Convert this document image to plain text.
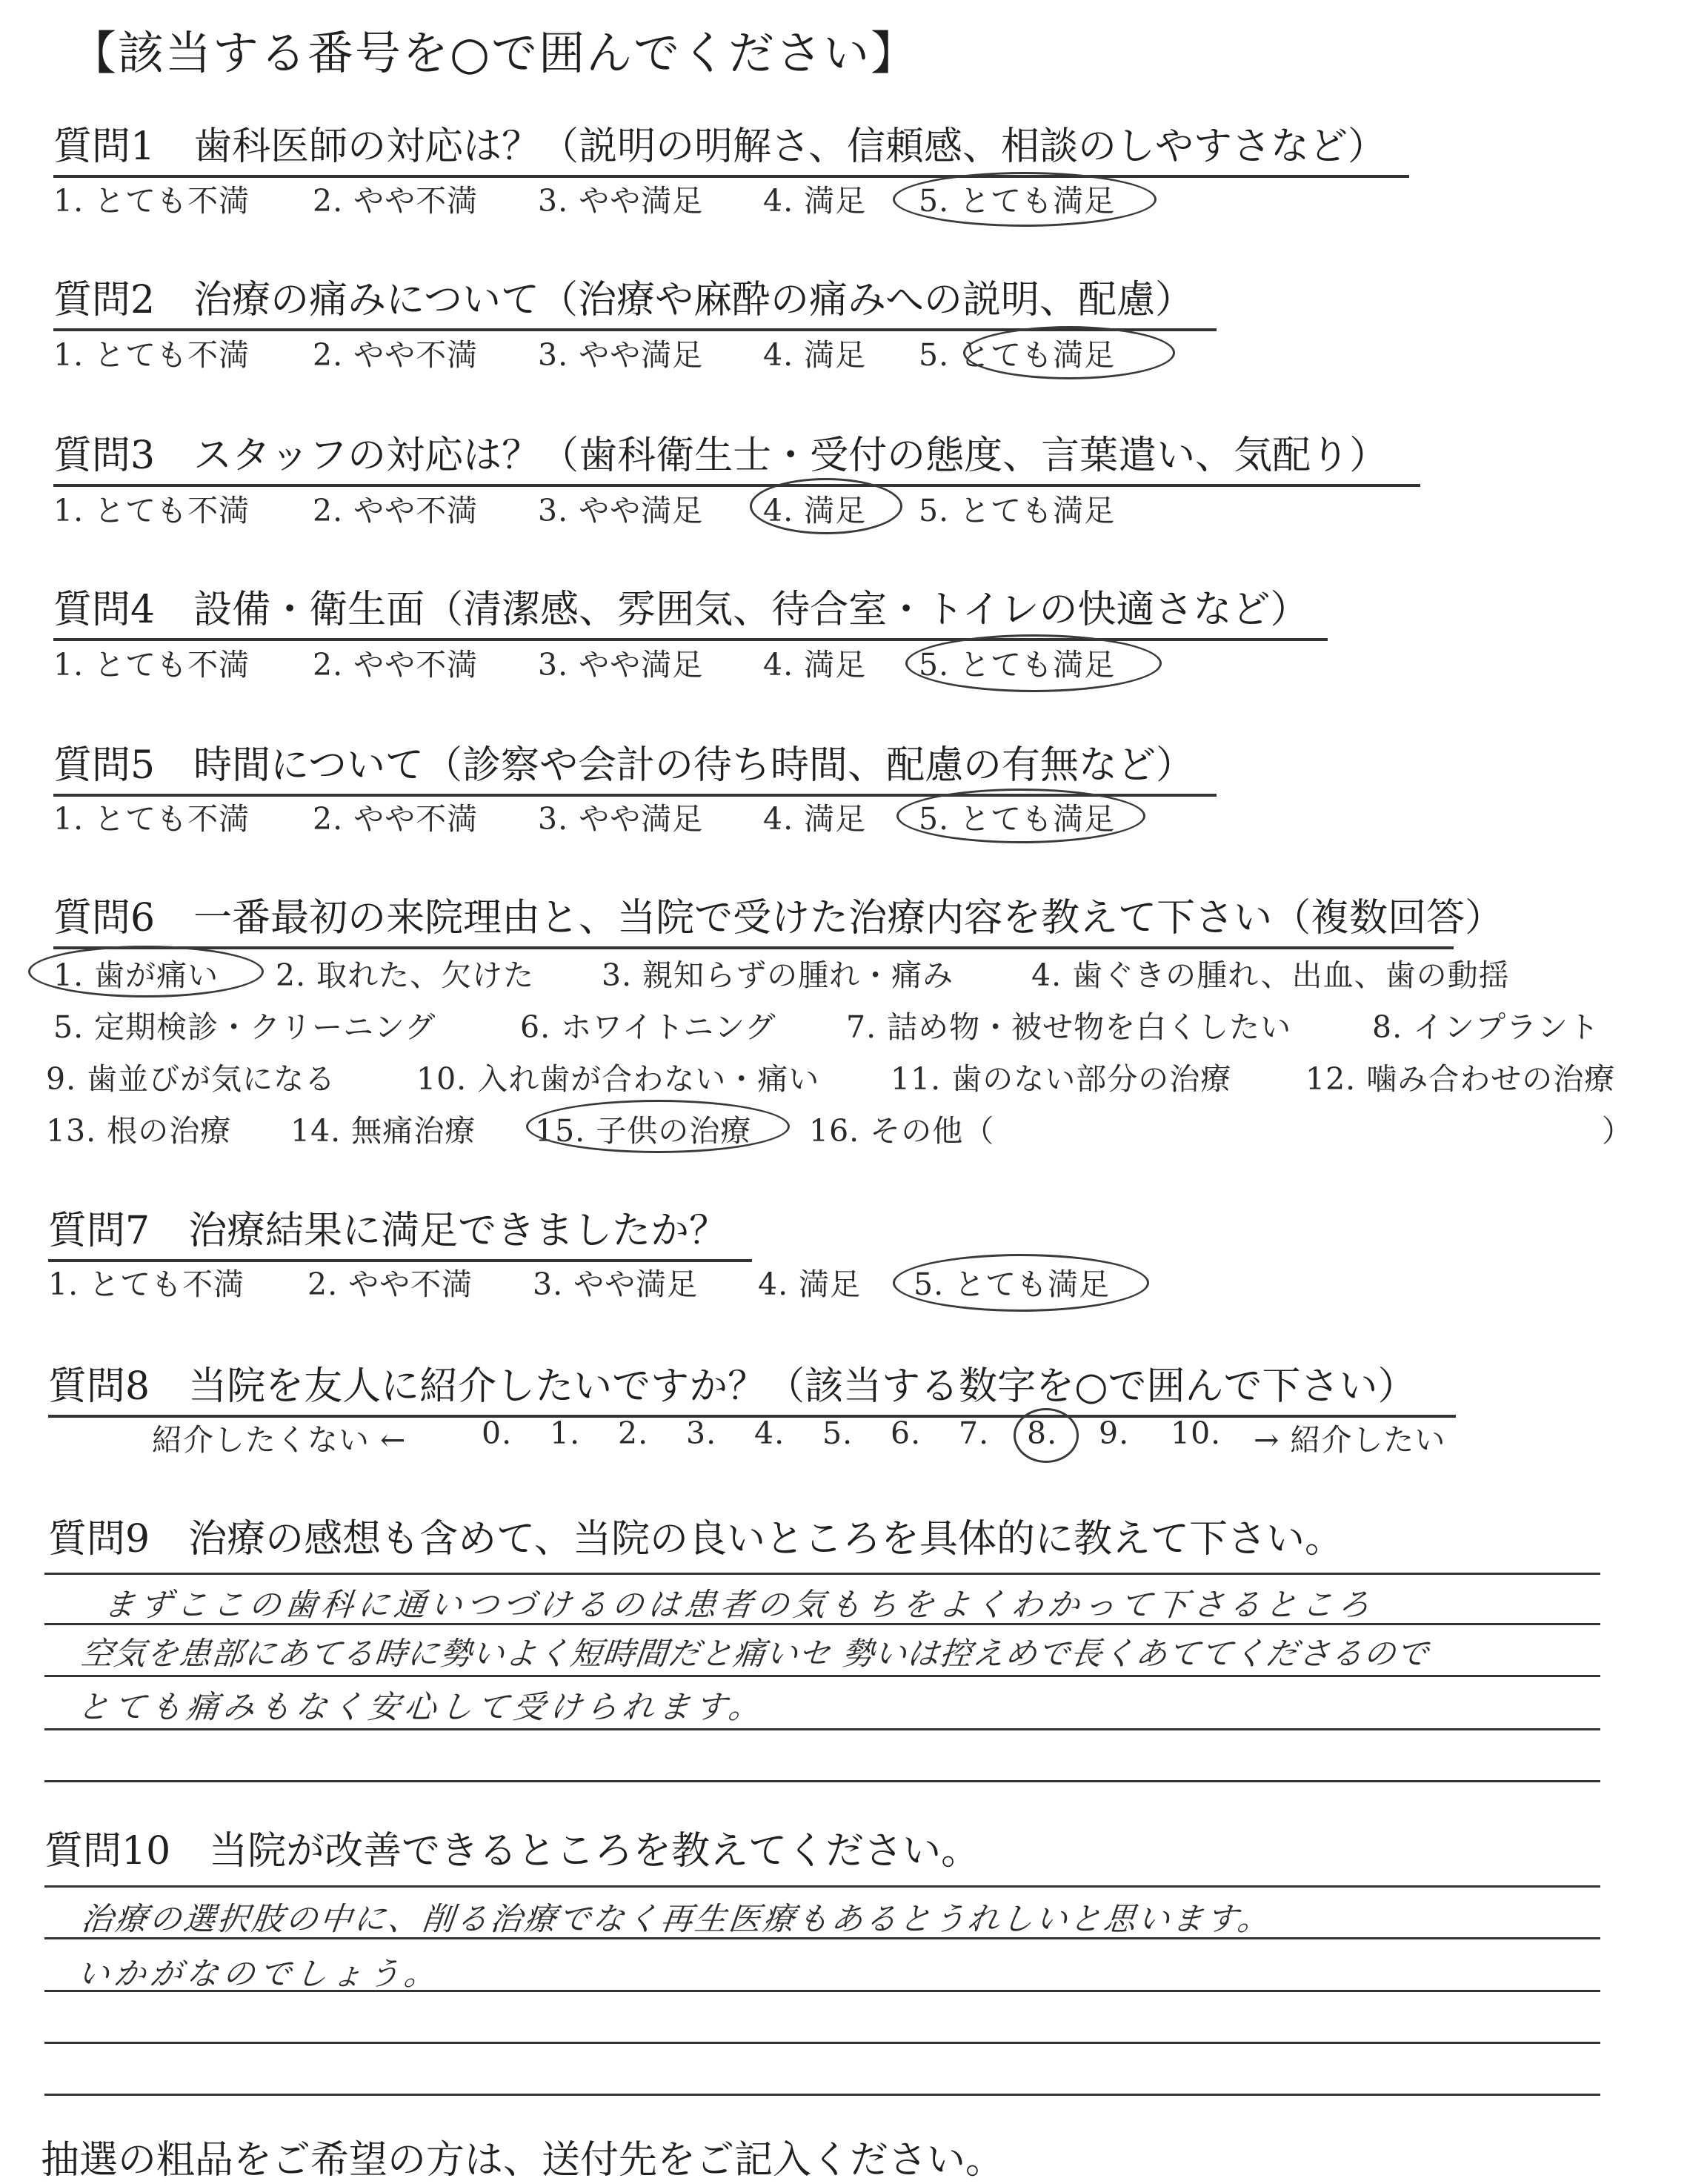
【該当する番号を○で囲んでください】
質問1　歯科医師の対応は？（説明の明解さ、信頼感、相談のしやすさなど）
1. とても不満 2. やや不満 3. やや満足 4. 満足 5. とても満足
質問2　治療の痛みについて（治療や麻酔の痛みへの説明、配慮）
1. とても不満 2. やや不満 3. やや満足 4. 満足 5. とても満足
質問3　スタッフの対応は？（歯科衛生士・受付の態度、言葉遣い、気配り）
1. とても不満 2. やや不満 3. やや満足 4. 満足 5. とても満足
質問4　設備・衛生面（清潔感、雰囲気、待合室・トイレの快適さなど）
1. とても不満 2. やや不満 3. やや満足 4. 満足 5. とても満足
質問5　時間について（診察や会計の待ち時間、配慮の有無など）
1. とても不満 2. やや不満 3. やや満足 4. 満足 5. とても満足
質問6　一番最初の来院理由と、当院で受けた治療内容を教えて下さい（複数回答）
1. 歯が痛い 2. 取れた、欠けた 3. 親知らずの腫れ・痛み	4. 歯ぐきの腫れ、出血、歯の動揺
5. 定期検診・クリーニング	6. ホワイトニング 7. 詰め物・被せ物を白くしたい	8. インプラント
9. 歯並びが気になる	10. 入れ歯が合わない・痛い 11. 歯のない部分の治療 12. 噛み合わせの治療
13. 根の治療 14. 無痛治療 15. 子供の治療 16. その他（	）
質問7　治療結果に満足できましたか？
1. とても不満 2. やや不満 3. やや満足 4. 満足 5. とても満足
質問8　当院を友人に紹介したいですか？（該当する数字を○で囲んで下さい）
紹介したくない ← 0. 1. 2. 3. 4. 5. 6. 7. 8. 9. 10. → 紹介したい
質問9　治療の感想も含めて、当院の良いところを具体的に教えて下さい。
まずここの歯科に通いつづけるのは患者の気もちをよくわかって下さるところ
空気を患部にあてる時に勢いよく短時間だと痛いセ 勢いは控えめで長くあててくださるので
とても痛みもなく安心して受けられます。
質問10　当院が改善できるところを教えてください。
治療の選択肢の中に、削る治療でなく再生医療もあるとうれしいと思います。
いかがなのでしょう。
抽選の粗品をご希望の方は、送付先をご記入ください。
